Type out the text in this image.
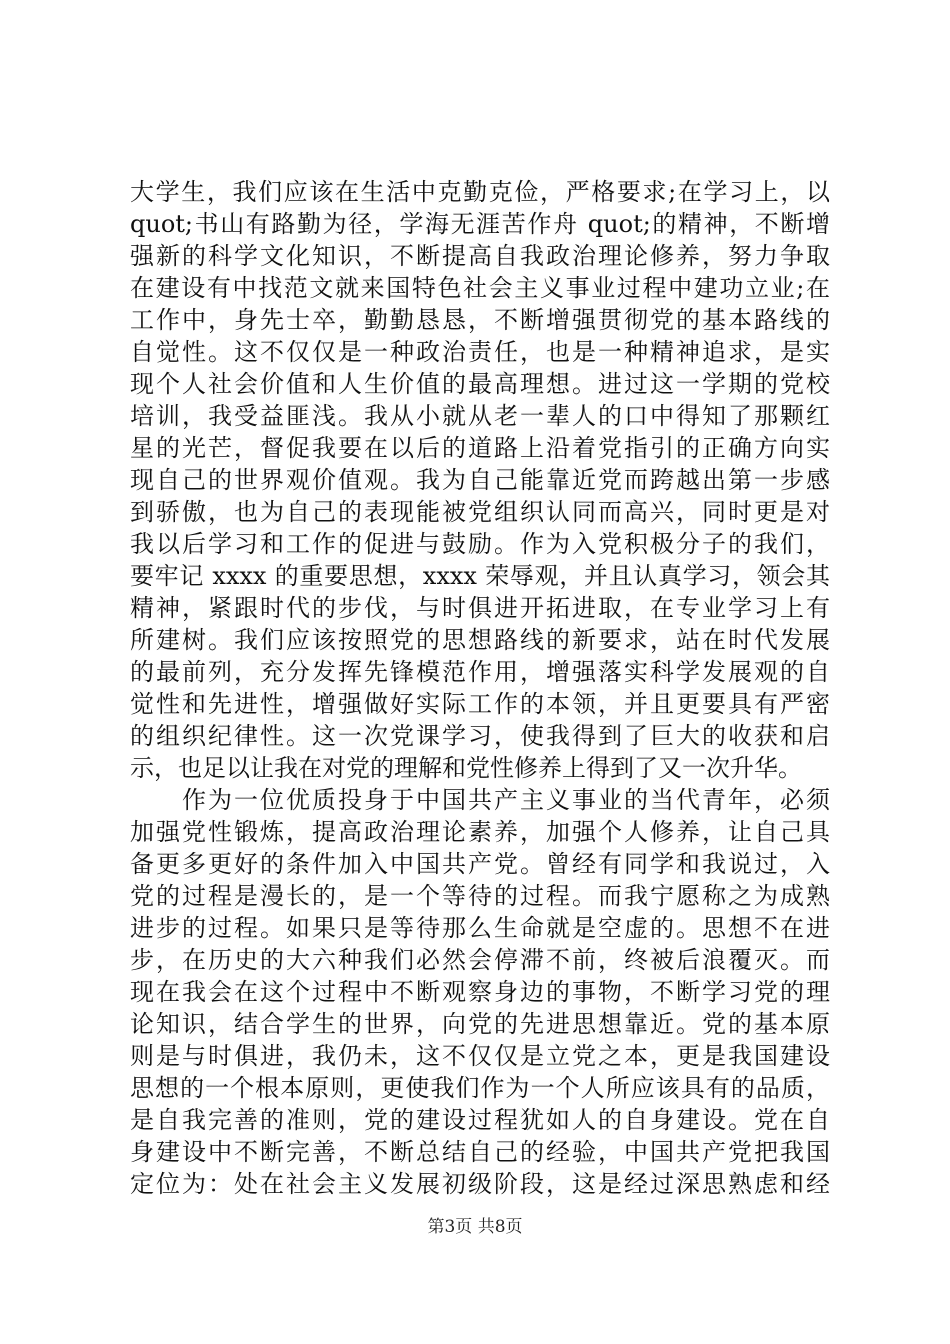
大学生，我们应该在生活中克勤克俭，严格要求;在学习上，以
quot;书山有路勤为径，学海无涯苦作舟 quot;的精神，不断增
强新的科学文化知识，不断提高自我政治理论修养，努力争取
在建设有中找范文就来国特色社会主义事业过程中建功立业;在
工作中，身先士卒，勤勤恳恳，不断增强贯彻党的基本路线的
自觉性。这不仅仅是一种政治责任，也是一种精神追求，是实
现个人社会价值和人生价值的最高理想。进过这一学期的党校
培训，我受益匪浅。我从小就从老一辈人的口中得知了那颗红
星的光芒，督促我要在以后的道路上沿着党指引的正确方向实
现自己的世界观价值观。我为自己能靠近党而跨越出第一步感
到骄傲，也为自己的表现能被党组织认同而高兴，同时更是对
我以后学习和工作的促进与鼓励。作为入党积极分子的我们，
要牢记 xxxx 的重要思想，xxxx 荣辱观，并且认真学习，领会其
精神，紧跟时代的步伐，与时俱进开拓进取，在专业学习上有
所建树。我们应该按照党的思想路线的新要求，站在时代发展
的最前列，充分发挥先锋模范作用，增强落实科学发展观的自
觉性和先进性，增强做好实际工作的本领，并且更要具有严密
的组织纪律性。这一次党课学习，使我得到了巨大的收获和启
示，也足以让我在对党的理解和党性修养上得到了又一次升华。
　　作为一位优质投身于中国共产主义事业的当代青年，必须
加强党性锻炼，提高政治理论素养，加强个人修养，让自己具
备更多更好的条件加入中国共产党。曾经有同学和我说过，入
党的过程是漫长的，是一个等待的过程。而我宁愿称之为成熟
进步的过程。如果只是等待那么生命就是空虚的。思想不在进
步，在历史的大六种我们必然会停滞不前，终被后浪覆灭。而
现在我会在这个过程中不断观察身边的事物，不断学习党的理
论知识，结合学生的世界，向党的先进思想靠近。党的基本原
则是与时俱进，我仍未，这不仅仅是立党之本，更是我国建设
思想的一个根本原则，更使我们作为一个人所应该具有的品质，
是自我完善的准则，党的建设过程犹如人的自身建设。党在自
身建设中不断完善，不断总结自己的经验，中国共产党把我国
定位为：处在社会主义发展初级阶段，这是经过深思熟虑和经
第3页 共8页
